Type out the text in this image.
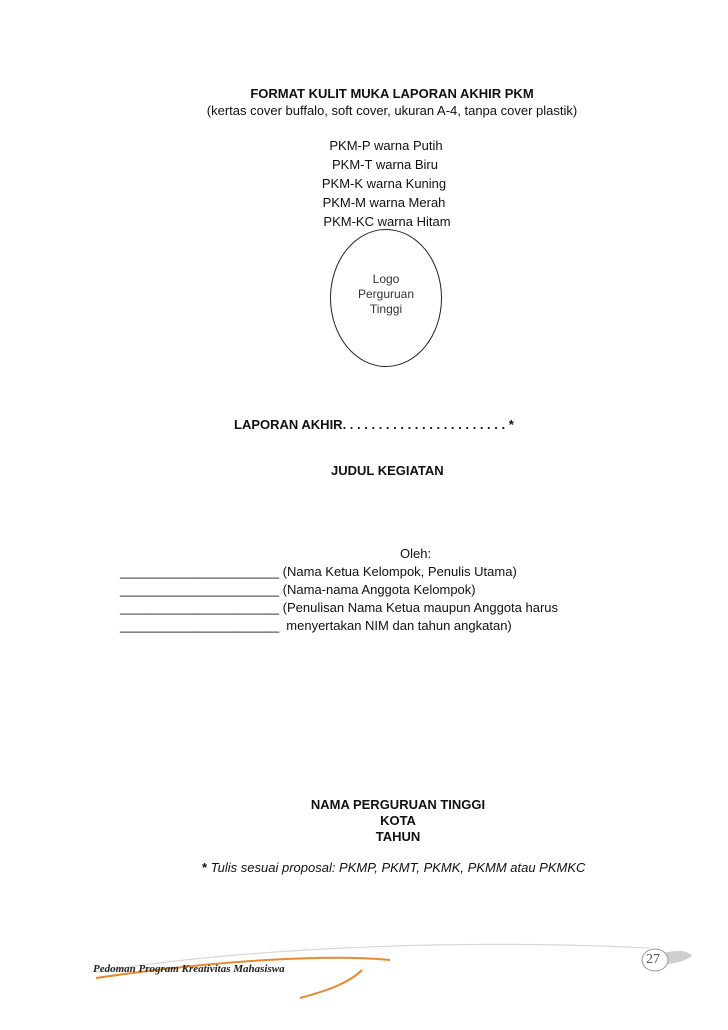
FORMAT KULIT MUKA LAPORAN AKHIR PKM
(kertas cover buffalo, soft cover, ukuran A-4, tanpa cover plastik)
PKM-P warna Putih
PKM-T warna Biru
PKM-K warna Kuning
PKM-M warna Merah
PKM-KC warna Hitam
Logo
Perguruan
Tinggi
LAPORAN AKHIR. . . . . . . . . . . . . . . . . . . . . . . *
JUDUL KEGIATAN
Oleh:
______________________ (Nama Ketua Kelompok, Penulis Utama)
______________________ (Nama-nama Anggota Kelompok)
______________________ (Penulisan Nama Ketua maupun Anggota harus
______________________  menyertakan NIM dan tahun angkatan)
NAMA PERGURUAN TINGGI
KOTA
TAHUN
* Tulis sesuai proposal: PKMP, PKMT, PKMK, PKMM atau PKMKC
Pedoman Program Kreativitas Mahasiswa
27
